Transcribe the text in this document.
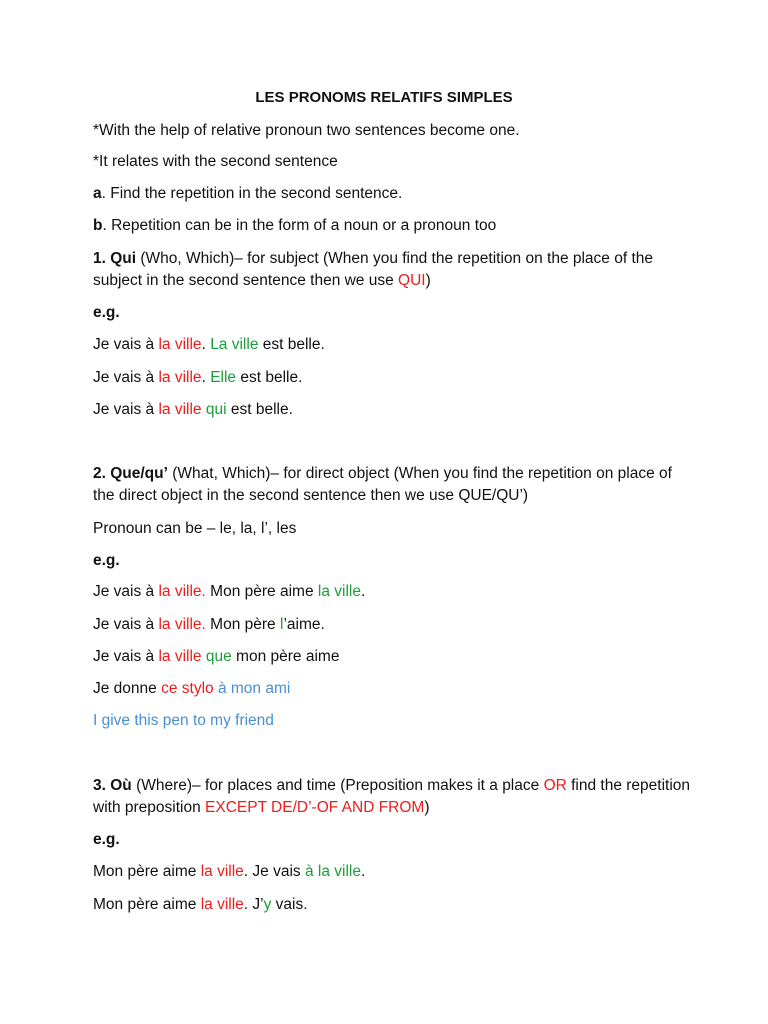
LES PRONOMS RELATIFS SIMPLES
*With the help of relative pronoun two sentences become one.
*It relates with the second sentence
a. Find the repetition in the second sentence.
b. Repetition can be in the form of a noun or a pronoun too
1. Qui (Who, Which)– for subject (When you find the repetition on the place of the subject in the second sentence then we use QUI)
e.g.
Je vais à la ville. La ville est belle.
Je vais à la ville. Elle est belle.
Je vais à la ville qui est belle.
2. Que/qu’ (What, Which)– for direct object (When you find the repetition on place of the direct object in the second sentence then we use QUE/QU’)
Pronoun can be – le, la, l’, les
e.g.
Je vais à la ville. Mon père aime la ville.
Je vais à la ville. Mon père l’aime.
Je vais à la ville que mon père aime
Je donne ce stylo à mon ami
I give this pen to my friend
3. Où (Where)– for places and time (Preposition makes it a place OR find the repetition with preposition EXCEPT DE/D’-OF AND FROM)
e.g.
Mon père aime la ville. Je vais à la ville.
Mon père aime la ville. J’y vais.
